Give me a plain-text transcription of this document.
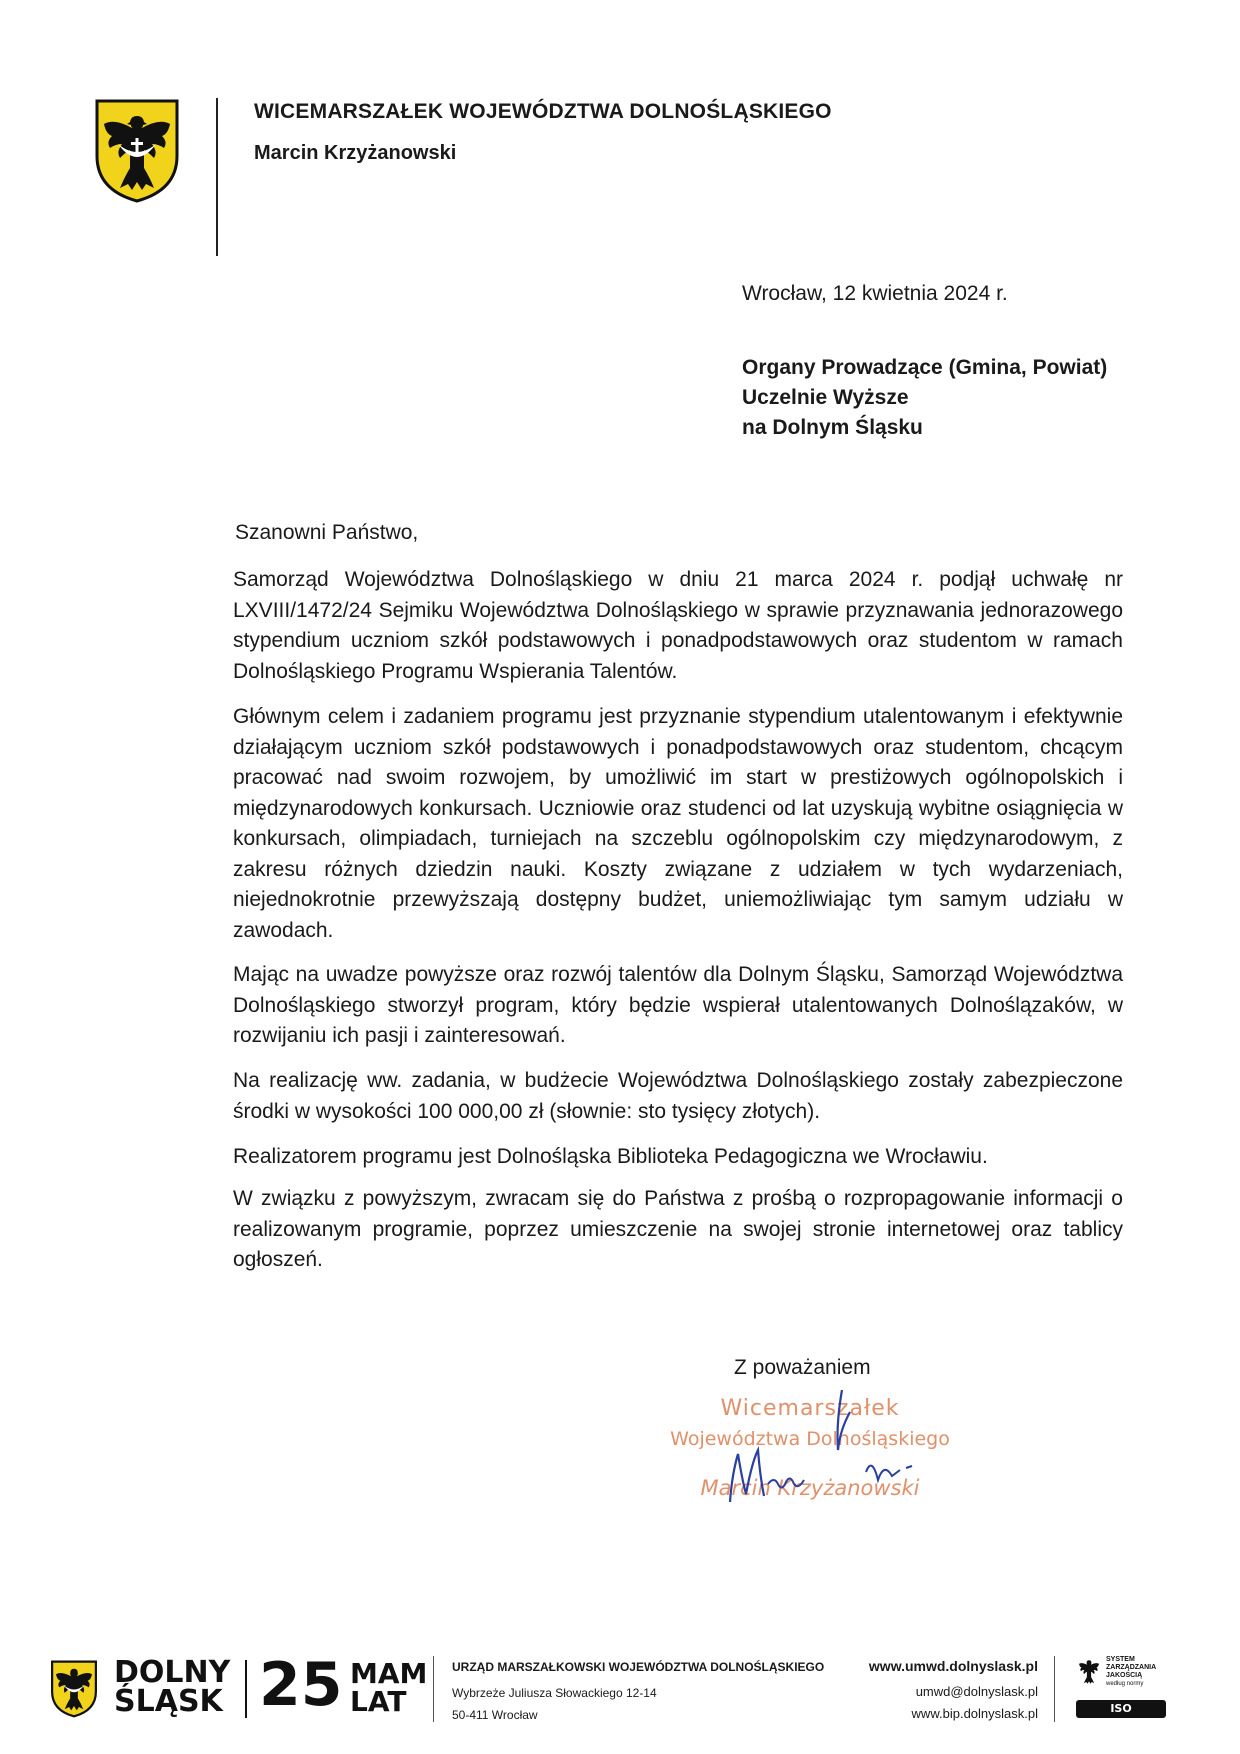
WICEMARSZAŁEK WOJEWÓDZTWA DOLNOŚLĄSKIEGO
Marcin Krzyżanowski
Wrocław, 12 kwietnia 2024 r.
Organy Prowadzące (Gmina, Powiat)
Uczelnie Wyższe
na Dolnym Śląsku
Szanowni Państwo,

Samorząd Województwa Dolnośląskiego w dniu 21 marca 2024 r. podjął uchwałę nr LXVIII/1472/24 Sejmiku Województwa Dolnośląskiego w sprawie przyznawania jednorazowego stypendium uczniom szkół podstawowych i ponadpodstawowych oraz studentom w ramach Dolnośląskiego Programu Wspierania Talentów.

Głównym celem i zadaniem programu jest przyznanie stypendium utalentowanym i efektywnie działającym uczniom szkół podstawowych i ponadpodstawowych oraz studentom, chcącym pracować nad swoim rozwojem, by umożliwić im start w prestiżowych ogólnopolskich i międzynarodowych konkursach. Uczniowie oraz studenci od lat uzyskują wybitne osiągnięcia w konkursach, olimpiadach, turniejach na szczeblu ogólnopolskim czy międzynarodowym, z zakresu różnych dziedzin nauki. Koszty związane z udziałem w tych wydarzeniach, niejednokrotnie przewyższają dostępny budżet, uniemożliwiając tym samym udziału w zawodach.

Mając na uwadze powyższe oraz rozwój talentów dla Dolnym Śląsku, Samorząd Województwa Dolnośląskiego stworzył program, który będzie wspierał utalentowanych Dolnoślązaków, w rozwijaniu ich pasji i zainteresowań.

Na realizację ww. zadania, w budżecie Województwa Dolnośląskiego zostały zabezpieczone środki w wysokości 100 000,00 zł (słownie: sto tysięcy złotych).

Realizatorem programu jest Dolnośląska Biblioteka Pedagogiczna we Wrocławiu.

W związku z powyższym, zwracam się do Państwa z prośbą o rozpropagowanie informacji o realizowanym programie, poprzez umieszczenie na swojej stronie internetowej oraz tablicy ogłoszeń.

Z poważaniem
Wicemarszałek
Województwa Dolnośląskiego
Marcin Krzyżanowski
DOLNY
ŚLĄSK 25 MAM
LAT
URZĄD MARSZAŁKOWSKI WOJEWÓDZTWA DOLNOŚLĄSKIEGO
Wybrzeże Juliusza Słowackiego 12-14
50-411 Wrocław
www.umwd.dolnyslask.pl
umwd@dolnyslask.pl
www.bip.dolnyslask.pl
SYSTEM
ZARZĄDZANIA
JAKOŚCIĄ
według normy
ISO 9001:2015
